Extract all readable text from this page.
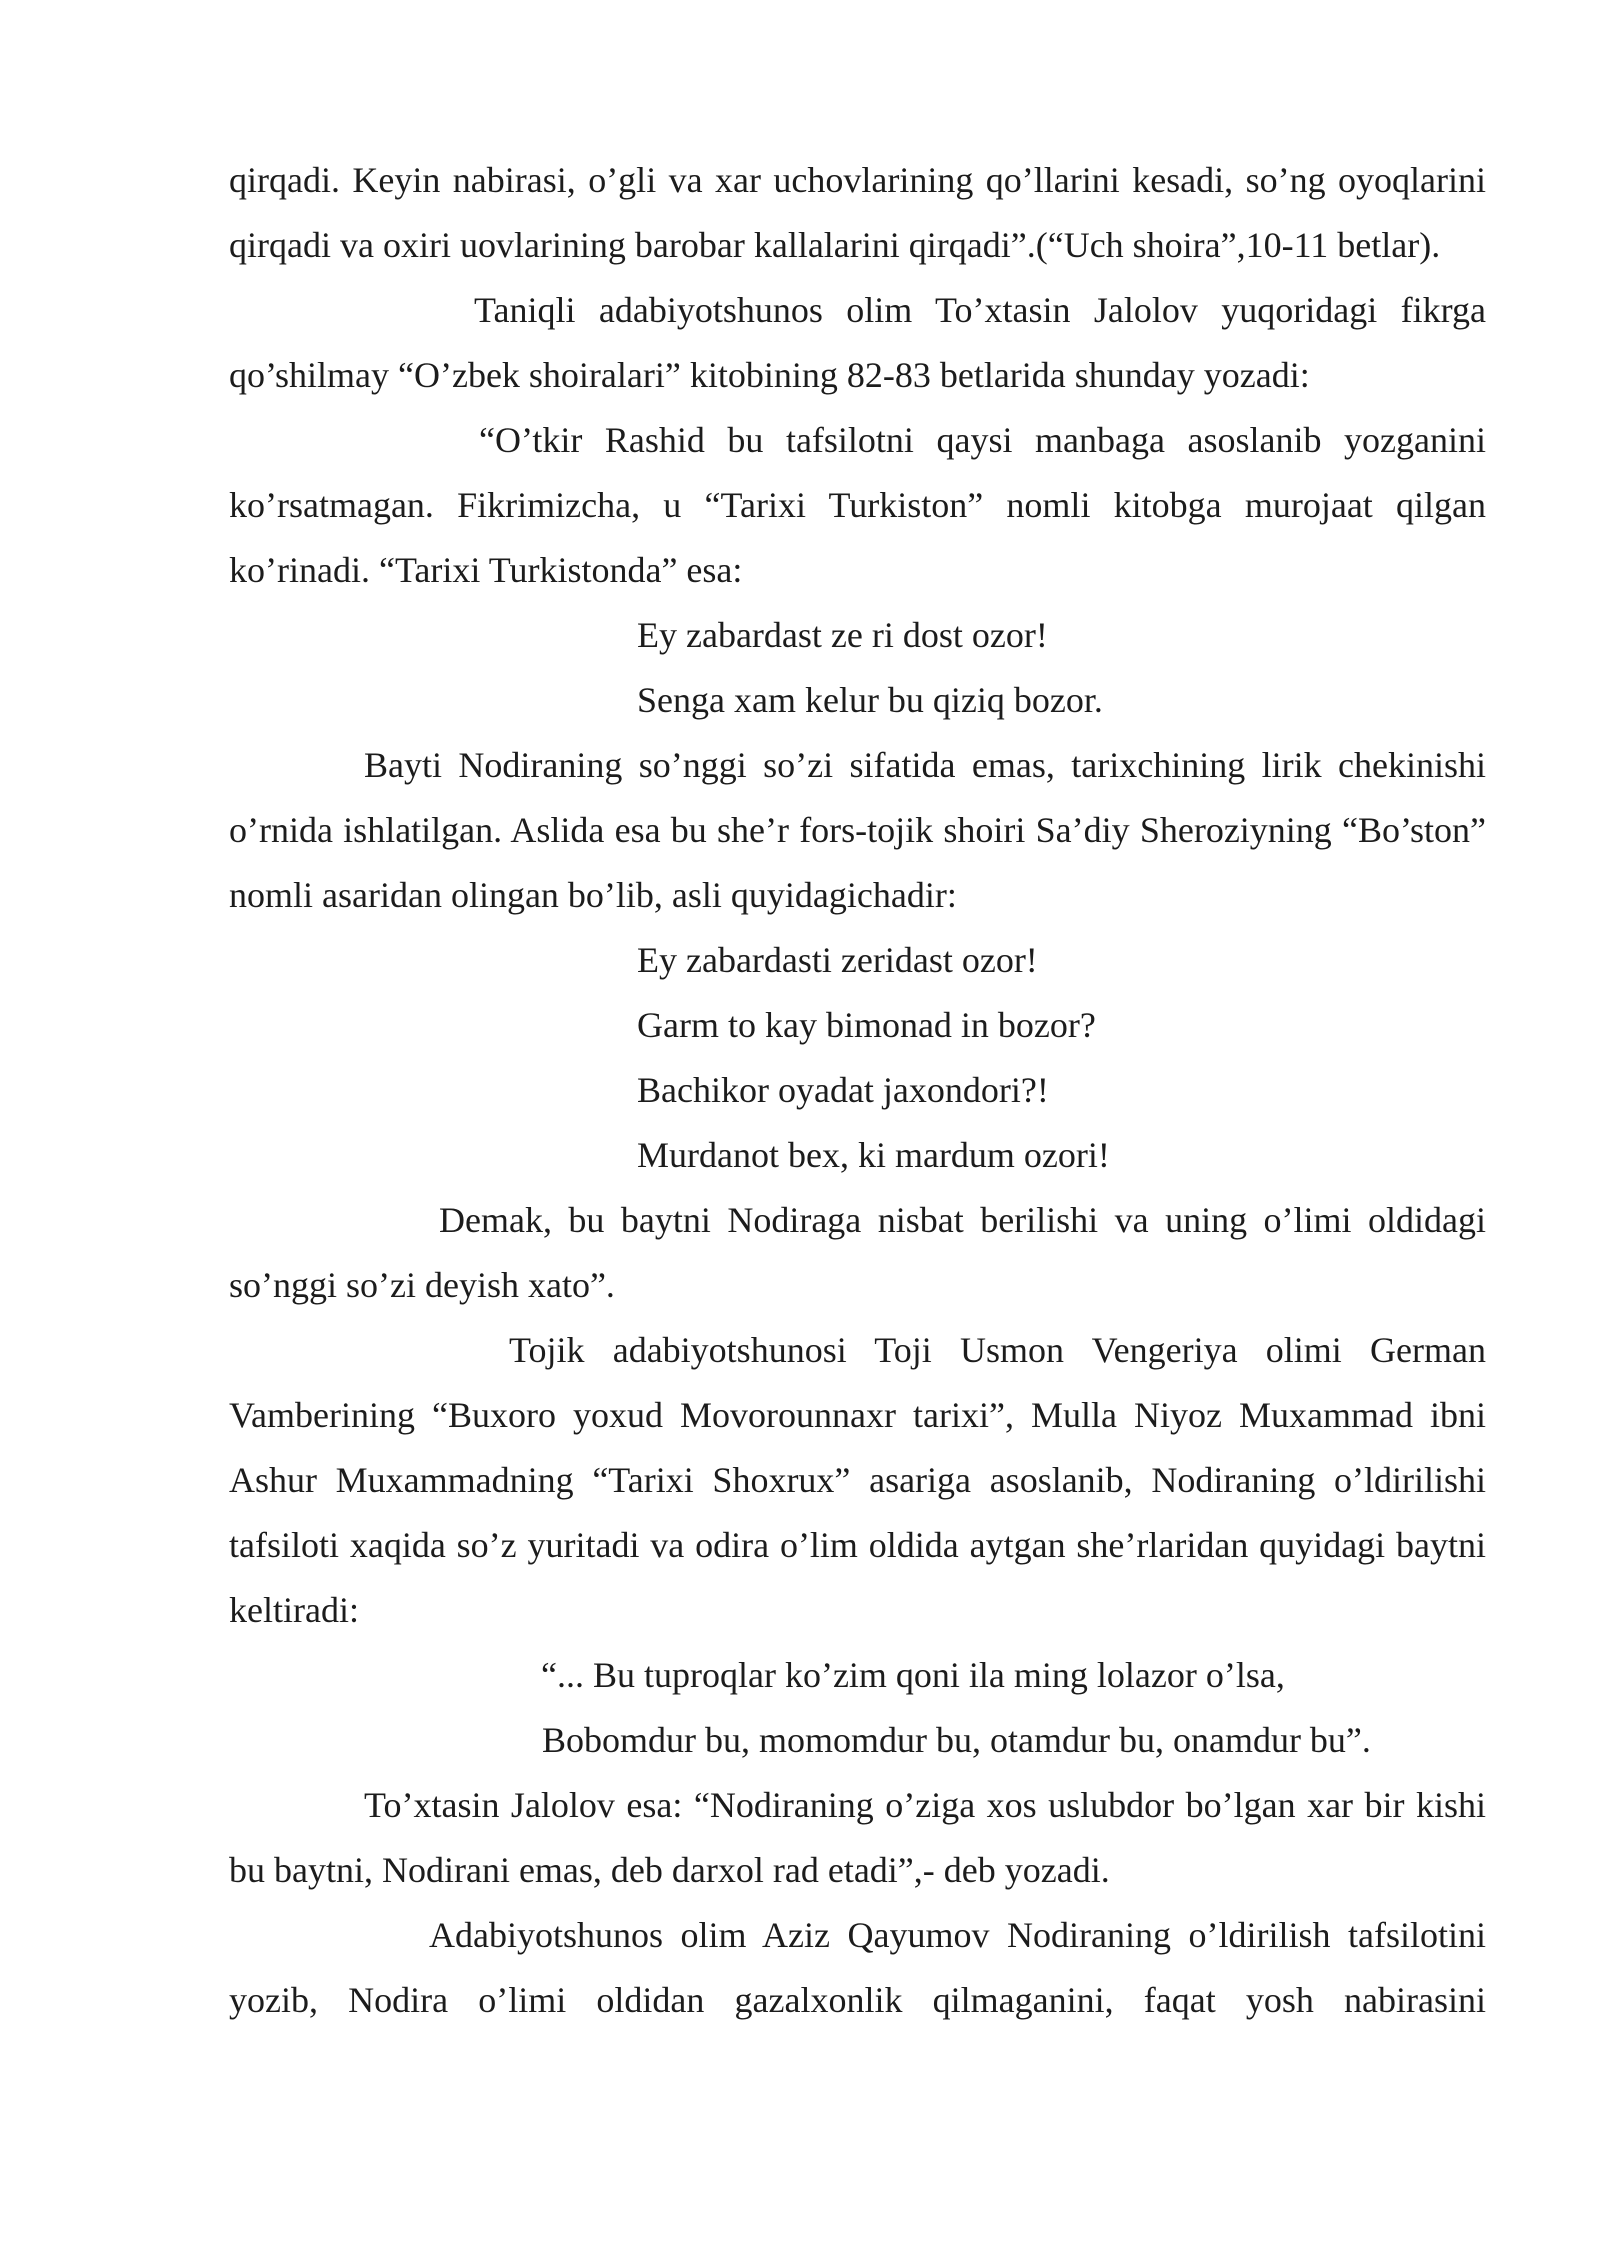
qirqadi. Keyin nabirasi, o’gli va xar uchovlarining qo’llarini kesadi, so’ng oyoqlarini qirqadi va oxiri uovlarining barobar kallalarini qirqadi”.(“Uch shoira”,10-11 betlar).

Taniqli adabiyotshunos olim To’xtasin Jalolov yuqoridagi fikrga qo’shilmay “O’zbek shoiralari” kitobining 82-83 betlarida shunday yozadi:

“O’tkir Rashid bu tafsilotni qaysi manbaga asoslanib yozganini ko’rsatmagan. Fikrimizcha, u “Tarixi Turkiston” nomli kitobga murojaat qilgan ko’rinadi. “Tarixi Turkistonda” esa:

Ey zabardast ze ri dost ozor!

Senga xam kelur bu qiziq bozor.

Bayti Nodiraning so’nggi so’zi sifatida emas, tarixchining lirik chekinishi o’rnida ishlatilgan. Aslida esa bu she’r fors-tojik shoiri Sa’diy Sheroziyning “Bo’ston” nomli asaridan olingan bo’lib, asli quyidagichadir:

Ey zabardasti zeridast ozor!

Garm to kay bimonad in bozor?

Bachikor oyadat jaxondori?!

Murdanot bex, ki mardum ozori!

Demak, bu baytni Nodiraga nisbat berilishi va uning o’limi oldidagi so’nggi so’zi deyish xato”.

Tojik adabiyotshunosi Toji Usmon Vengeriya olimi German Vamberining “Buxoro yoxud Movorounnaxr tarixi”, Mulla Niyoz Muxammad ibni Ashur Muxammadning “Tarixi Shoxrux” asariga asoslanib, Nodiraning o’ldirilishi tafsiloti xaqida so’z yuritadi va odira o’lim oldida aytgan she’rlaridan quyidagi baytni keltiradi:

“... Bu tuproqlar ko’zim qoni ila ming lolazor o’lsa,

Bobomdur bu, momomdur bu, otamdur bu, onamdur bu”.

To’xtasin Jalolov esa: “Nodiraning o’ziga xos uslubdor bo’lgan xar bir kishi bu baytni, Nodirani emas, deb darxol rad etadi”,- deb yozadi.

Adabiyotshunos olim Aziz Qayumov Nodiraning o’ldirilish tafsilotini yozib, Nodira o’limi oldidan gazalxonlik qilmaganini, faqat yosh nabirasini
